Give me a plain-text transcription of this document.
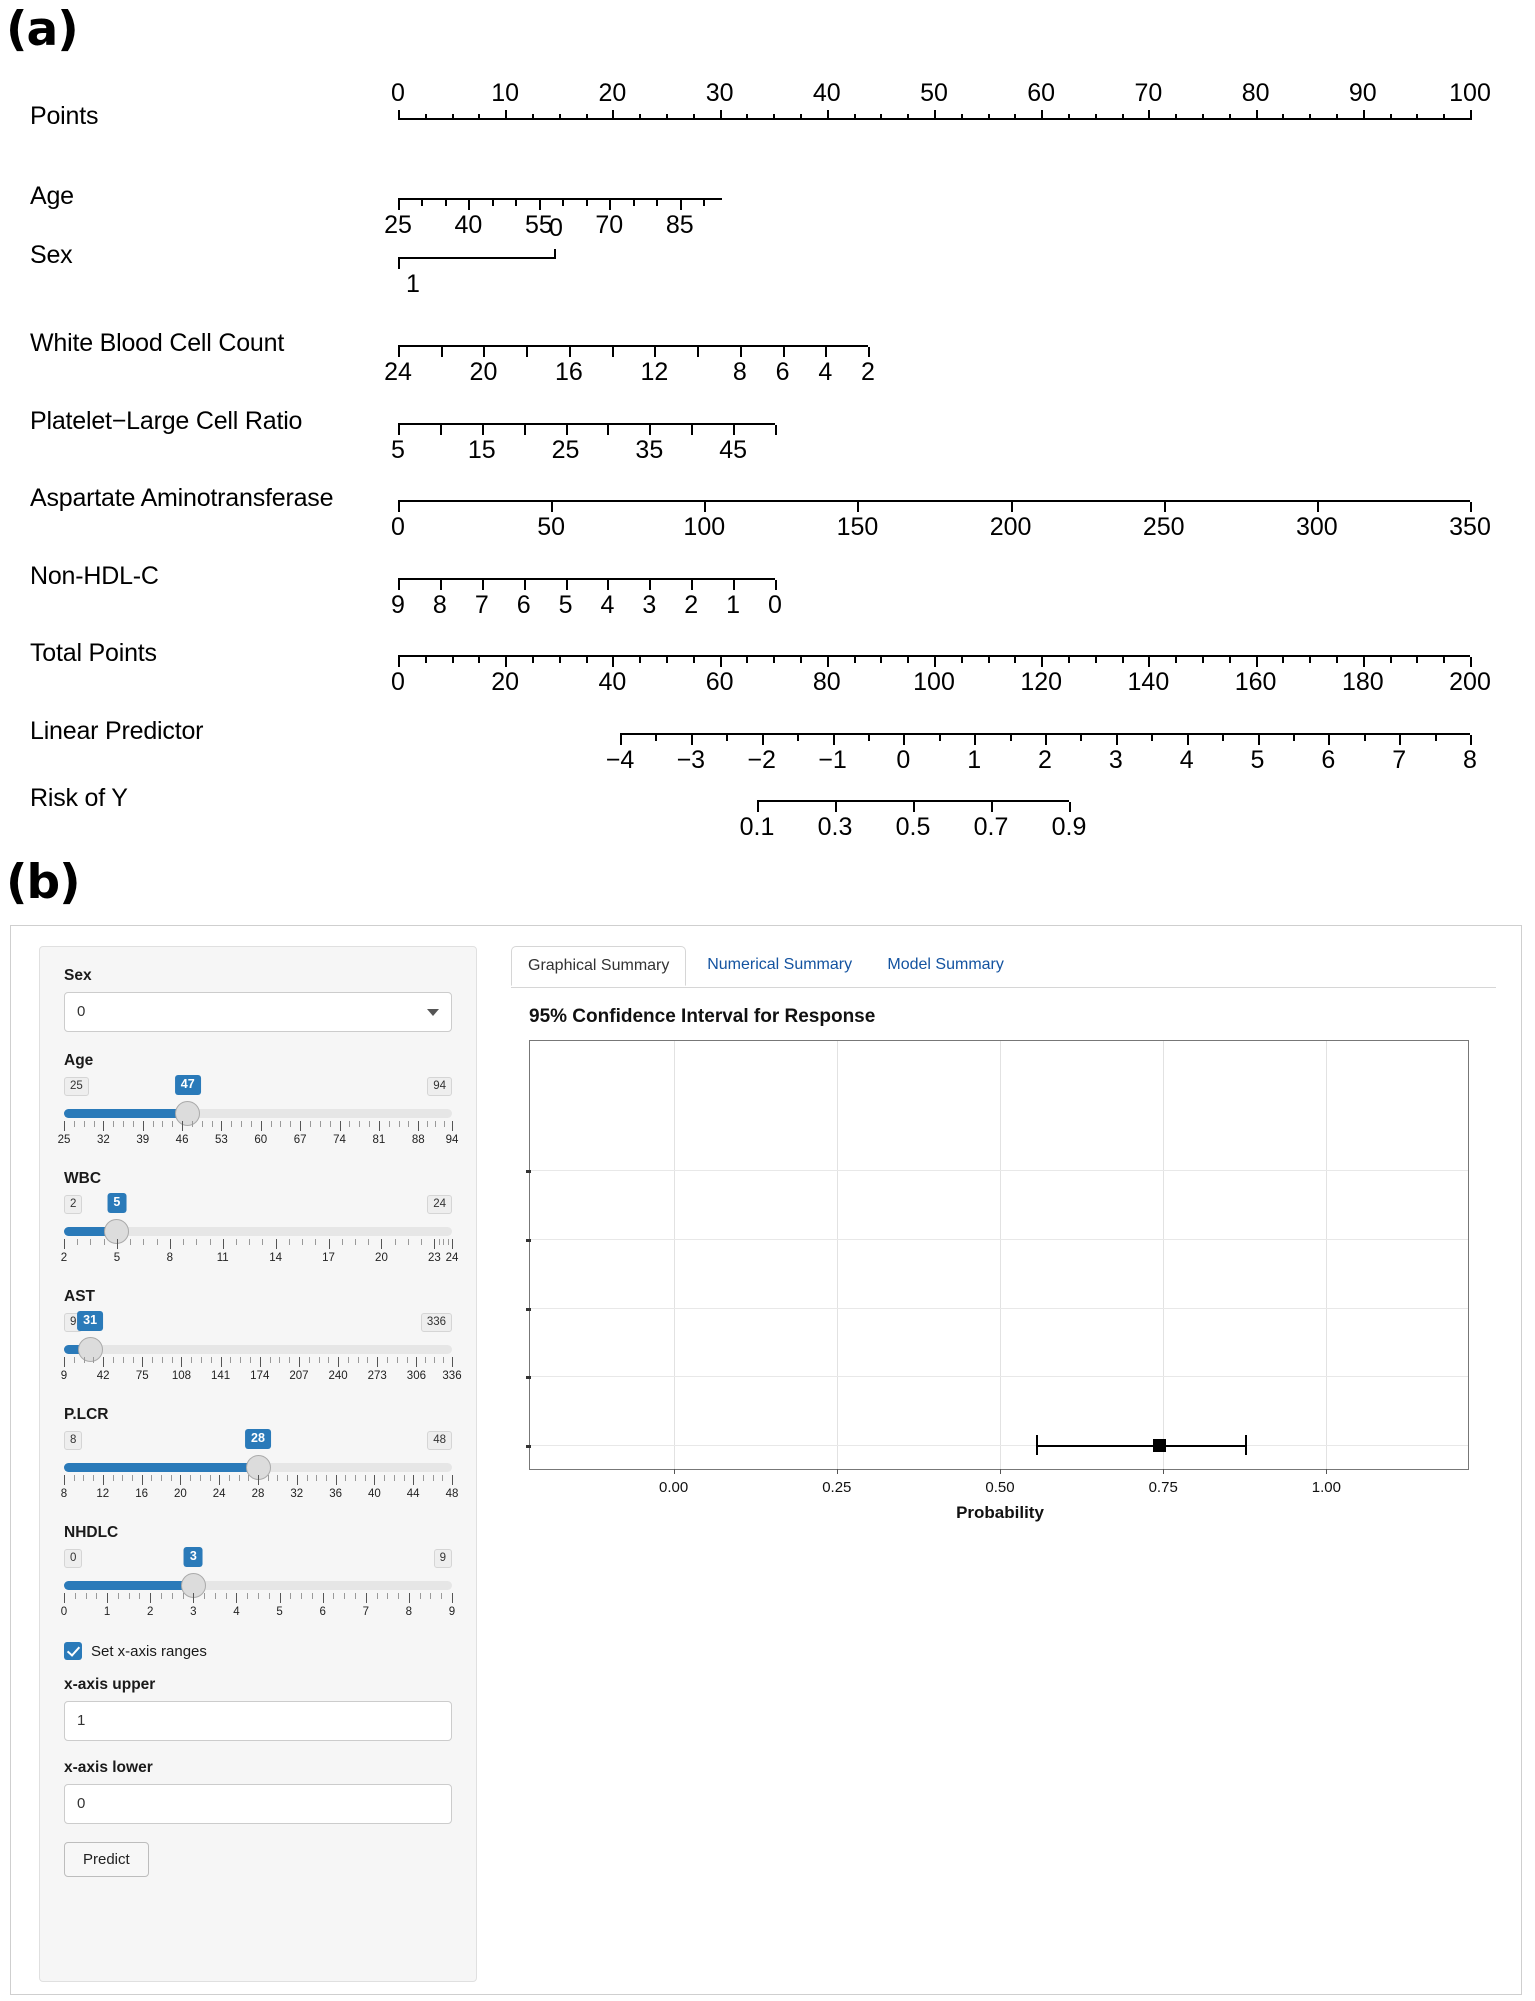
(a)
Points
0	10	20	30	40	50	60	70	80	90	100
Age
25 40 55 70 85
Sex
1
0
White Blood Cell Count
24 20 16 12	8 6 4 2
Platelet−Large Cell Ratio
5	15 25 35 45
Aspartate Aminotransferase
0	50	100	150	200	250	300	350
Non-HDL-C
9 8 7 6 5 4 3 2 1 0
Total Points
0	20	40	60	80	100	120	140	160	180	200
Linear Predictor
−4 −3 −2 −1 0 1 2 3 4 5 6 7 8
Risk of Y
0.1 0.3 0.5 0.7 0.9
(b)
Sex
0
Age
25	94
47
25 32 39 46 53 60 67 74 81 88 94
WBC
2	24
5
2	5	8	11	14	17	20	23 24
AST
9	336
31
9	42 75 108 141 174 207 240 273 306 336
P.LCR
8	48
28
8	12 16 20 24 28 32 36 40 44 48
NHDLC
0	9
3
0	1	2	3	4	5	6	7	8	9
Set x-axis ranges
x-axis upper
1
x-axis lower
0
Predict
Graphical Summary	Numerical Summary	Model Summary
95% Confidence Interval for Response
0.00	0.25	0.50	0.75	1.00
Probability
